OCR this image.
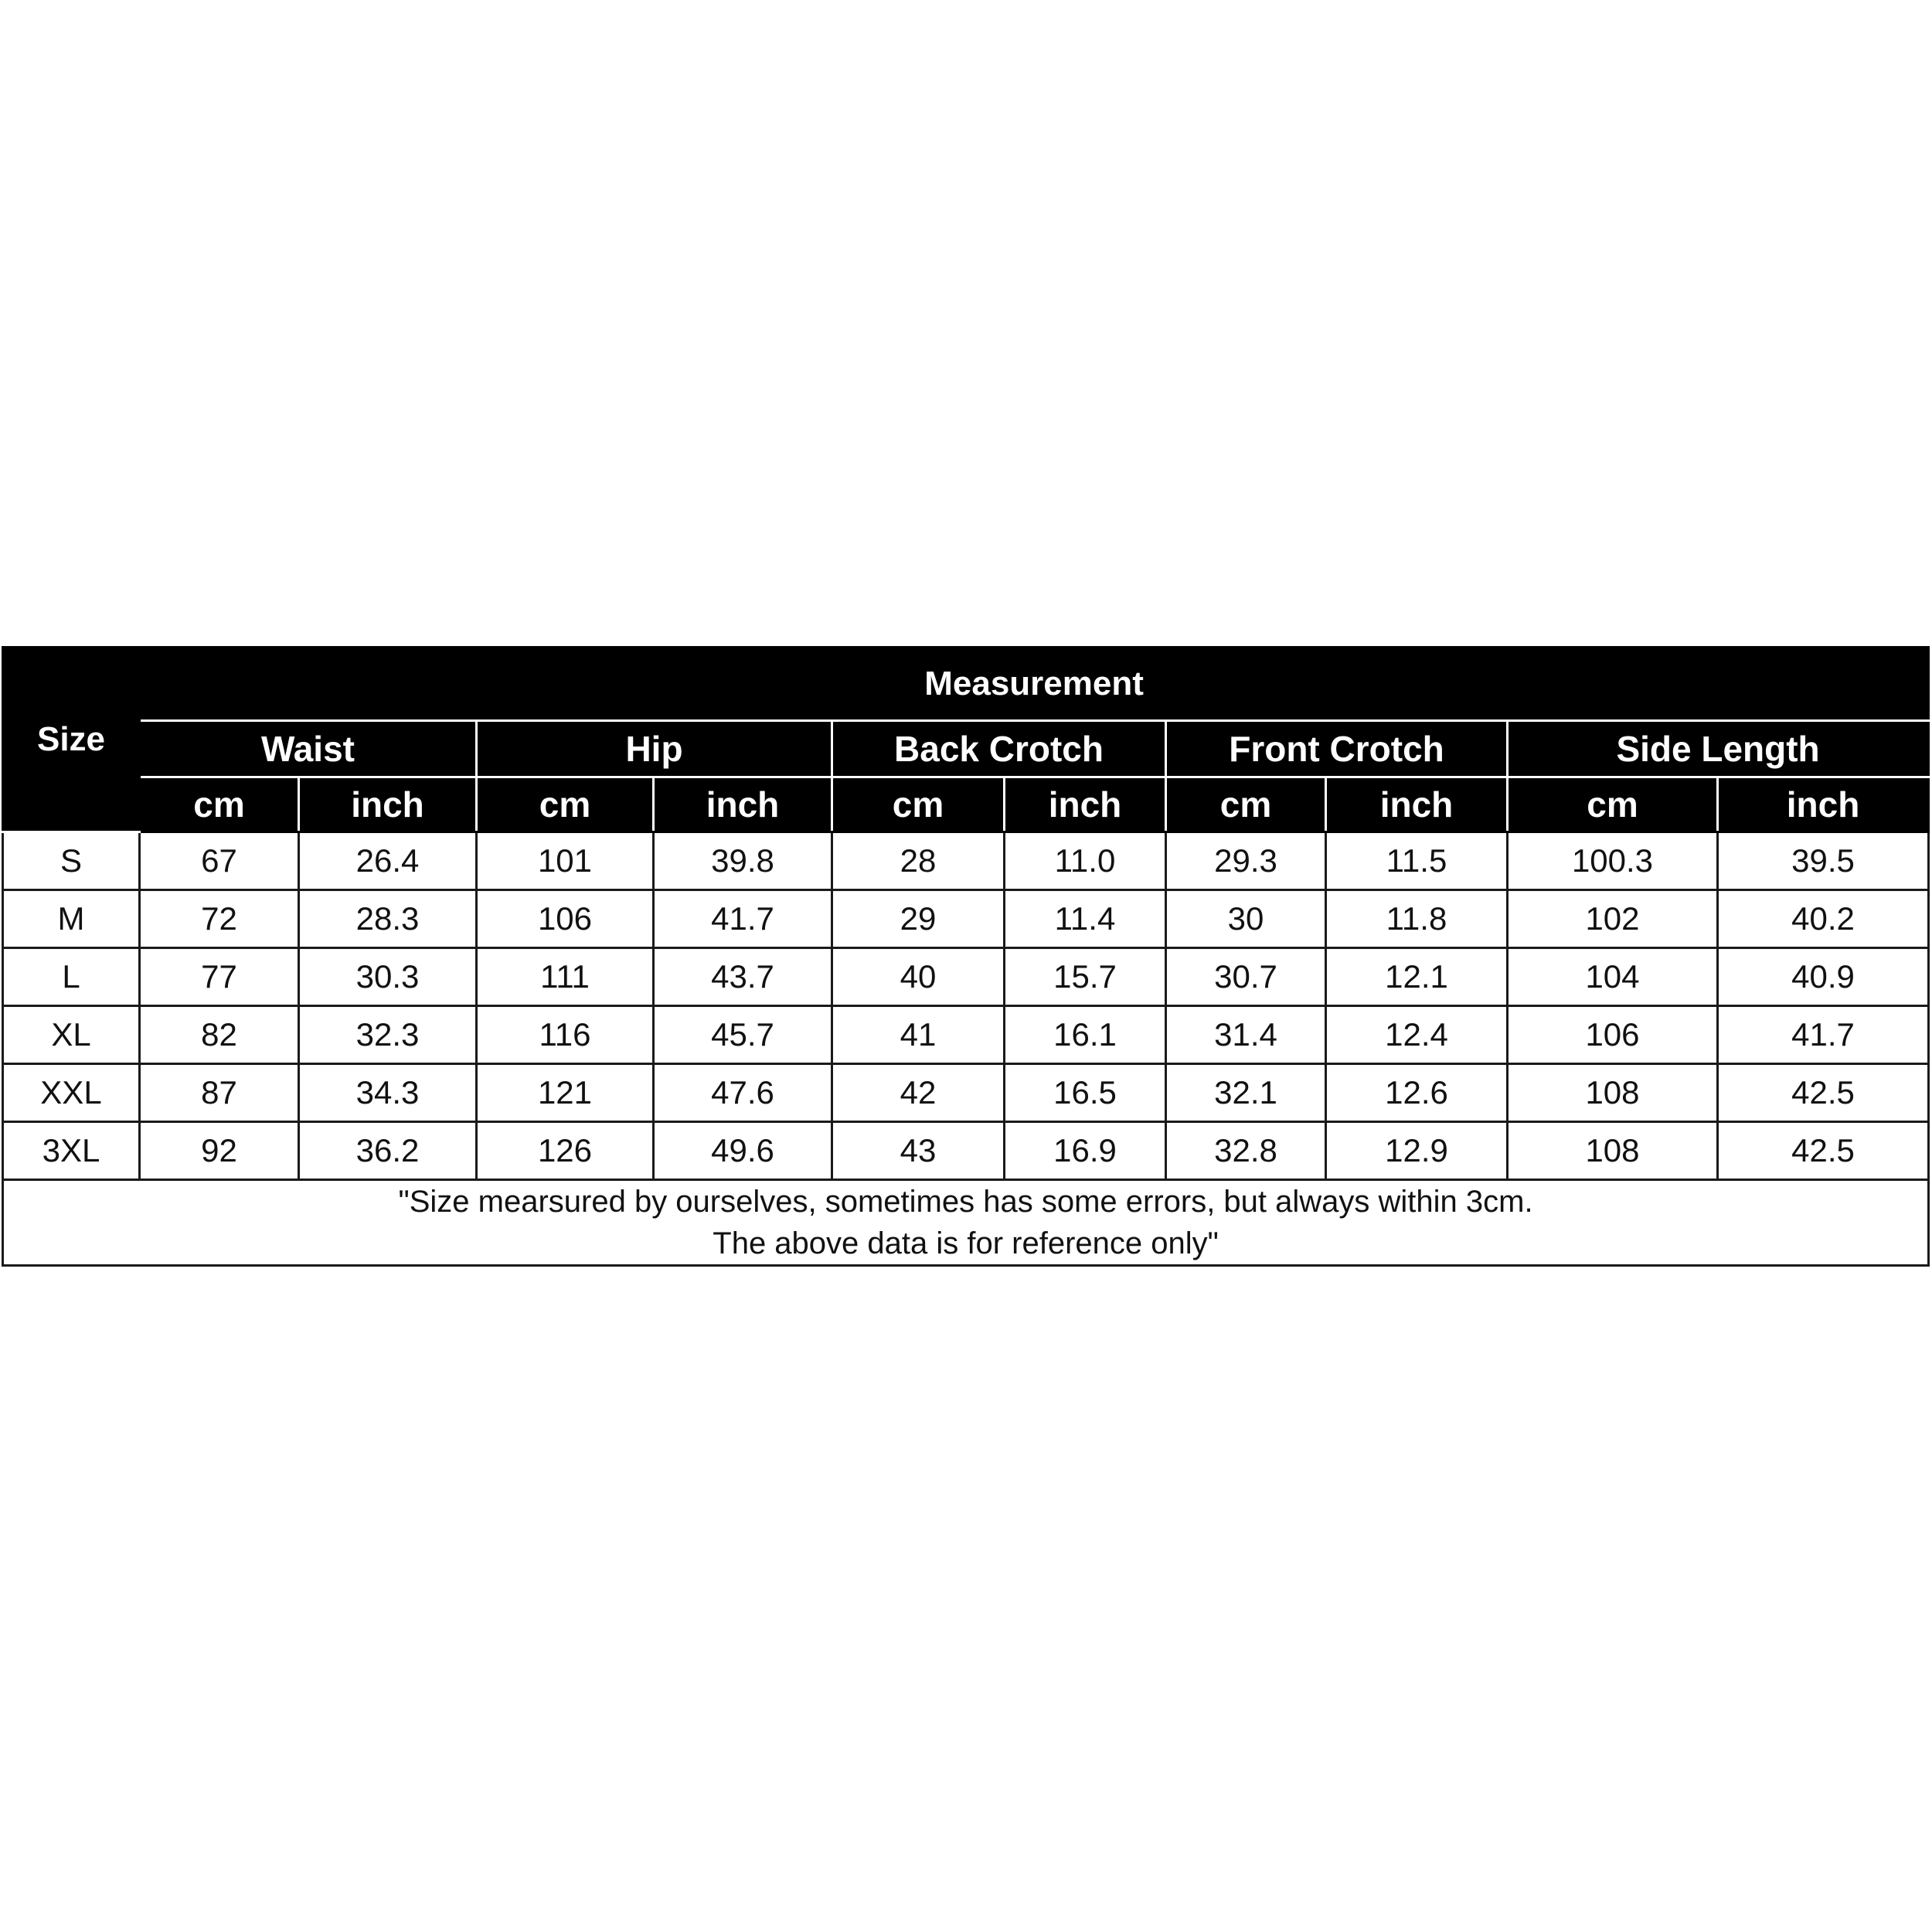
Size	Measurement									
	Waist		Hip		Back Crotch		Front Crotch		Side Length	
	cm	inch	cm	inch	cm	inch	cm	inch	cm	inch
S	67	26.4	101	39.8	28	11.0	29.3	11.5	100.3	39.5
M	72	28.3	106	41.7	29	11.4	30	11.8	102	40.2
L	77	30.3	111	43.7	40	15.7	30.7	12.1	104	40.9
XL	82	32.3	116	45.7	41	16.1	31.4	12.4	106	41.7
XXL	87	34.3	121	47.6	42	16.5	32.1	12.6	108	42.5
3XL	92	36.2	126	49.6	43	16.9	32.8	12.9	108	42.5

"Size mearsured by ourselves, sometimes has some errors, but always within 3cm.
The above data is for reference only"										
